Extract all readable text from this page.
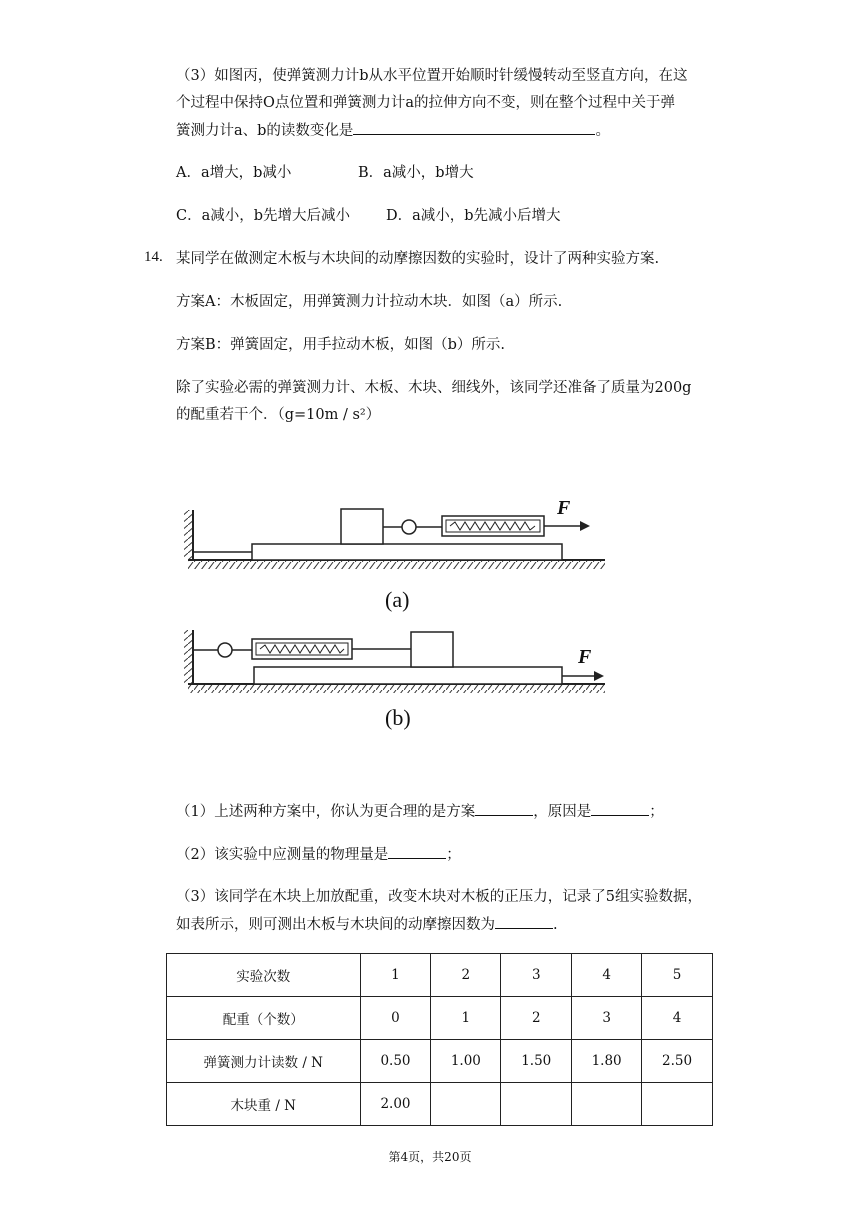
（3）如图丙，使弹簧测力计b从水平位置开始顺时针缓慢转动至竖直方向，在这
个过程中保持O点位置和弹簧测力计a的拉伸方向不变，则在整个过程中关于弹
簧测力计a、b的读数变化是	。
A．a增大，b减小	B．a减小，b增大
C．a减小，b先增大后减小 D．a减小，b先减小后增大
14. 某同学在做测定木板与木块间的动摩擦因数的实验时，设计了两种实验方案.
方案A：木板固定，用弹簧测力计拉动木块．如图（a）所示.
方案B：弹簧固定，用手拉动木板，如图（b）所示.
除了实验必需的弹簧测力计、木板、木块、细线外，该同学还准备了质量为200g
的配重若干个．（g=10m / s²）
F
(a)
F
(b)
（1）上述两种方案中，你认为更合理的是方案	，原因是	；
（2）该实验中应测量的物理量是	；
（3）该同学在木块上加放配重，改变木块对木板的正压力，记录了5组实验数据，
如表所示，则可测出木板与木块间的动摩擦因数为	.
实验次数	1	2	3	4	5
配重（个数）	0	1	2	3	4
弹簧测力计读数 / N	0.50	1.00	1.50	1.80	2.50
木块重 / N	2.00				
第4页，共20页
